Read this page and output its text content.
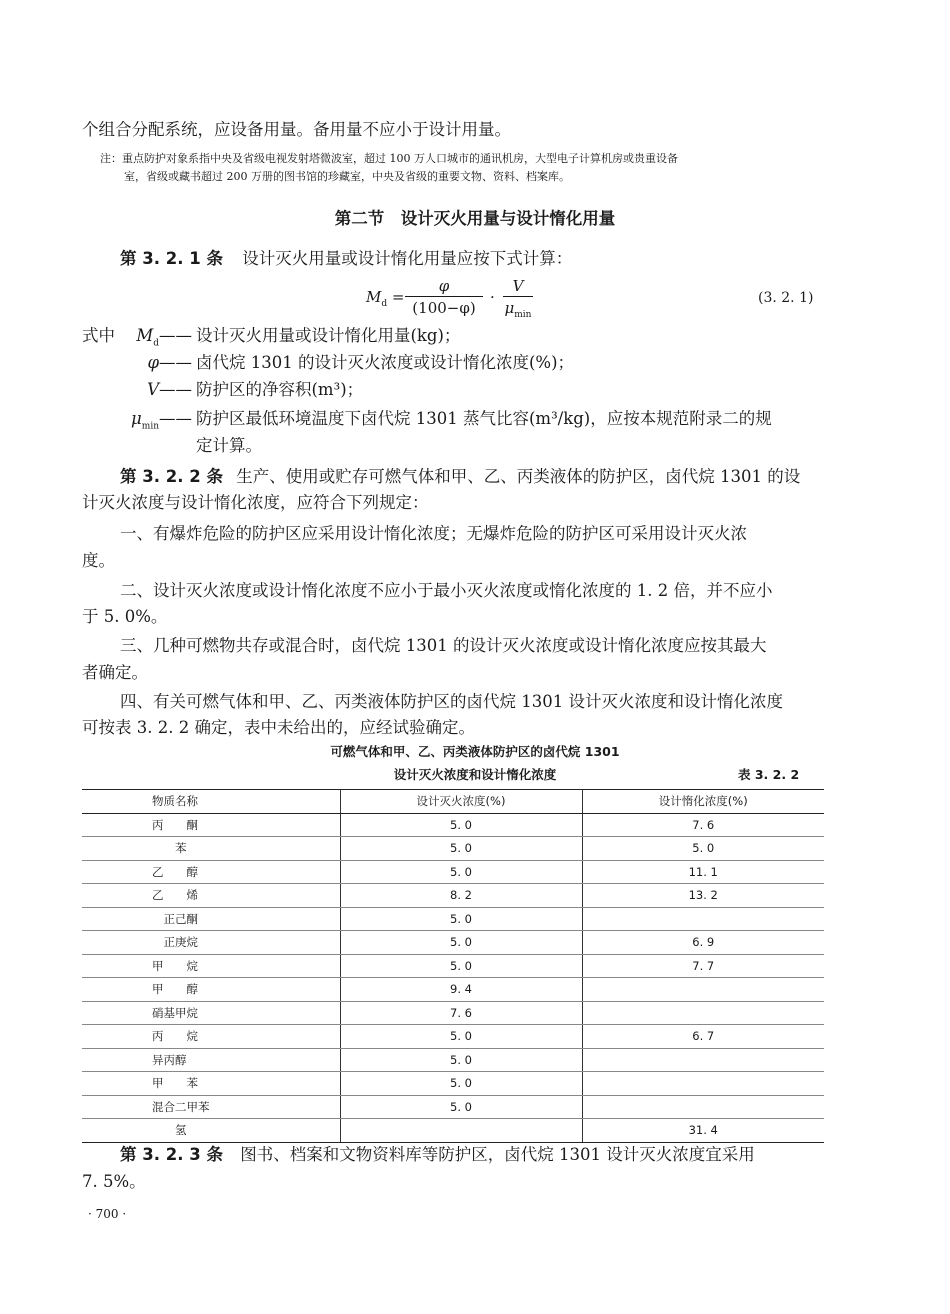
个组合分配系统，应设备用量。备用量不应小于设计用量。
注：重点防护对象系指中央及省级电视发射塔微波室，超过 100 万人口城市的通讯机房，大型电子计算机房或贵重设备
室，省级或藏书超过 200 万册的图书馆的珍藏室，中央及省级的重要文物、资料、档案库。
第二节　设计灭火用量与设计惰化用量
第 3. 2. 1 条 设计灭火用量或设计惰化用量应按下式计算：
$M_d$ =
φ
(100−φ)
·
V
$\mu_{min}$
(3. 2. 1)
式中 $M_d——$ 设计灭火用量或设计惰化用量(kg)；
φ—— 卤代烷 1301 的设计灭火浓度或设计惰化浓度(%)；
V—— 防护区的净容积(m³)；
$\mu_{min}——$ 防护区最低环境温度下卤代烷 1301 蒸气比容(m³/kg)，应按本规范附录二的规
定计算。
第 3. 2. 2 条 生产、使用或贮存可燃气体和甲、乙、丙类液体的防护区，卤代烷 1301 的设
计灭火浓度与设计惰化浓度，应符合下列规定：
一、有爆炸危险的防护区应采用设计惰化浓度；无爆炸危险的防护区可采用设计灭火浓
度。
二、设计灭火浓度或设计惰化浓度不应小于最小灭火浓度或惰化浓度的 1. 2 倍，并不应小
于 5. 0%。
三、几种可燃物共存或混合时，卤代烷 1301 的设计灭火浓度或设计惰化浓度应按其最大
者确定。
四、有关可燃气体和甲、乙、丙类液体防护区的卤代烷 1301 设计灭火浓度和设计惰化浓度
可按表 3. 2. 2 确定，表中未给出的，应经试验确定。
可燃气体和甲、乙、丙类液体防护区的卤代烷 1301
设计灭火浓度和设计惰化浓度	表 3. 2. 2
物质名称	设计灭火浓度(%)	设计惰化浓度(%)
丙　　酮	5. 0	7. 6
　　苯	5. 0	5. 0
乙　　醇	5. 0	11. 1
乙　　烯	8. 2	13. 2
　正己酮	5. 0	
　正庚烷	5. 0	6. 9
甲　　烷	5. 0	7. 7
甲　　醇	9. 4	
硝基甲烷	7. 6	
丙　　烷	5. 0	6. 7
异丙醇	5. 0	
甲　　苯	5. 0	
混合二甲苯	5. 0	
　　氢		31. 4
第 3. 2. 3 条 图书、档案和文物资料库等防护区，卤代烷 1301 设计灭火浓度宜采用
7. 5%。
· 700 ·
